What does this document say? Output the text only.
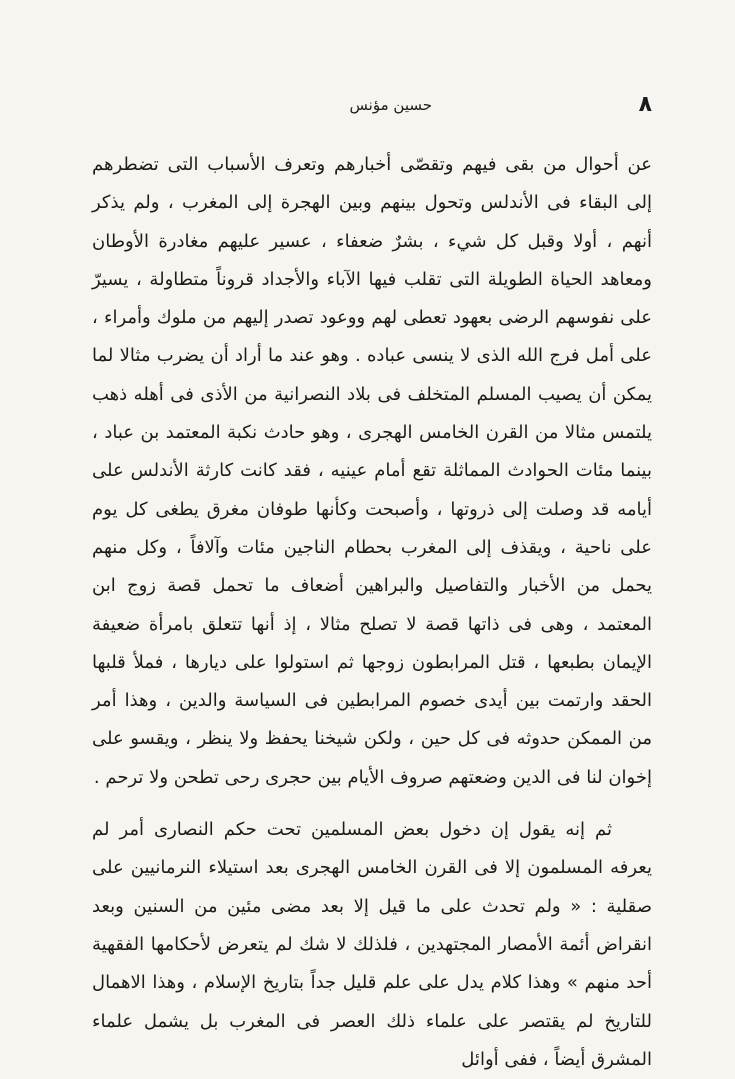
٨
حسين مؤنس

عن أحوال من بقى فيهم وتقصّى أخبارهم وتعرف الأسباب التى تضطرهم إلى البقاء فى الأندلس وتحول بينهم وبين الهجرة إلى المغرب ، ولم يذكر أنهم ، أولا وقبل كل شيء ، بشرٌ ضعفاء ، عسير عليهم مغادرة الأوطان ومعاهد الحياة الطويلة التى تقلب فيها الآباء والأجداد قروناً متطاولة ، يسيرّ على نفوسهم الرضى بعهود تعطى لهم ووعود تصدر إليهم من ملوك وأمراء ، على أمل فرج الله الذى لا ينسى عباده . وهو عند ما أراد أن يضرب مثالا لما يمكن أن يصيب المسلم المتخلف فى بلاد النصرانية من الأذى فى أهله ذهب يلتمس مثالا من القرن الخامس الهجرى ، وهو حادث نكبة المعتمد بن عباد ، بينما مئات الحوادث المماثلة تقع أمام عينيه ، فقد كانت كارثة الأندلس على أيامه قد وصلت إلى ذروتها ، وأصبحت وكأنها طوفان مغرق يطغى كل يوم على ناحية ، ويقذف إلى المغرب بحطام الناجين مئات وآلافاً ، وكل منهم يحمل من الأخبار والتفاصيل والبراهين أضعاف ما تحمل قصة زوج ابن المعتمد ، وهى فى ذاتها قصة لا تصلح مثالا ، إذ أنها تتعلق بامرأة ضعيفة الإيمان بطبعها ، قتل المرابطون زوجها ثم استولوا على ديارها ، فملأ قلبها الحقد وارتمت بين أيدى خصوم المرابطين فى السياسة والدين ، وهذا أمر من الممكن حدوثه فى كل حين ، ولكن شيخنا يحفظ ولا ينظر ، ويقسو على إخوان لنا فى الدين وضعتهم صروف الأيام بين حجرى رحى تطحن ولا ترحم .

ثم إنه يقول إن دخول بعض المسلمين تحت حكم النصارى أمر لم يعرفه المسلمون إلا فى القرن الخامس الهجرى بعد استيلاء النرمانيين على صقلية : « ولم تحدث على ما قيل إلا بعد مضى مئين من السنين وبعد انقراض أئمة الأمصار المجتهدين ، فلذلك لا شك لم يتعرض لأحكامها الفقهية أحد منهم » وهذا كلام يدل على علم قليل جداً بتاريخ الإسلام ، وهذا الاهمال للتاريخ لم يقتصر على علماء ذلك العصر فى المغرب بل يشمل علماء المشرق أيضاً ، ففى أوائل
